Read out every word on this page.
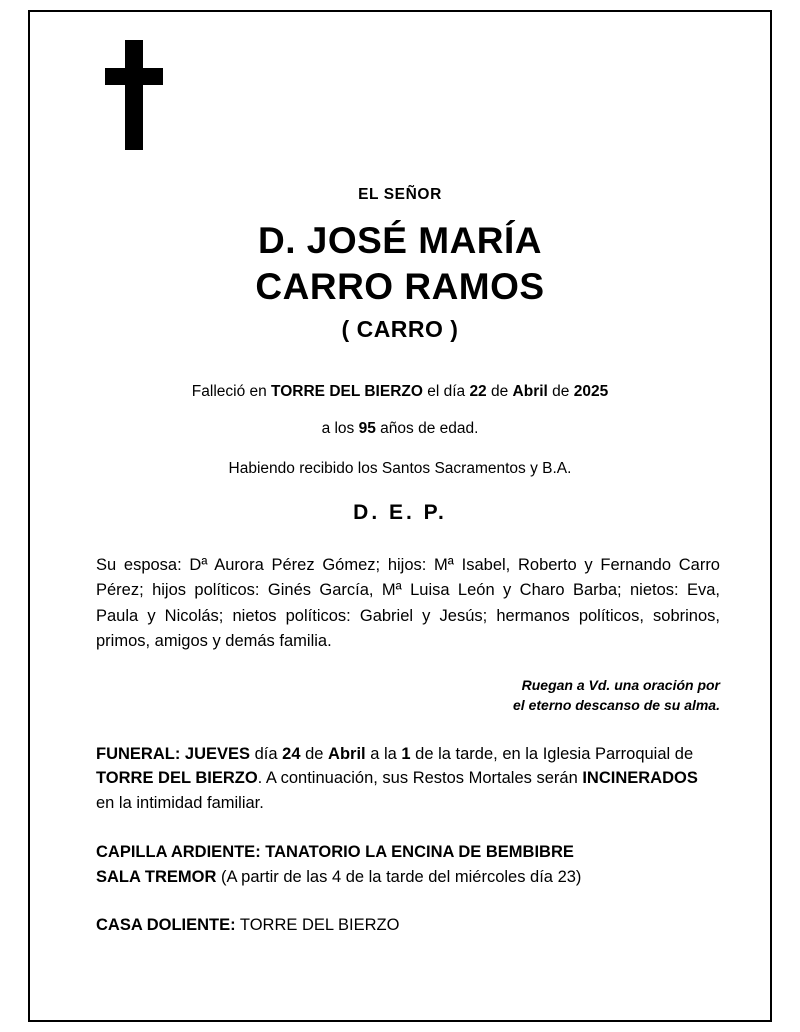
EL SEÑOR
D. JOSÉ MARÍA
CARRO RAMOS
( CARRO )
Falleció en TORRE DEL BIERZO el día 22 de Abril de 2025
a los 95 años de edad.
Habiendo recibido los Santos Sacramentos y B.A.
D. E. P.
Su esposa: Dª Aurora Pérez Gómez; hijos: Mª Isabel, Roberto y Fernando Carro Pérez; hijos políticos: Ginés García, Mª Luisa León y Charo Barba; nietos: Eva, Paula y Nicolás; nietos políticos: Gabriel y Jesús; hermanos políticos, sobrinos, primos, amigos y demás familia.
Ruegan a Vd. una oración por
el eterno descanso de su alma.
FUNERAL: JUEVES día 24 de Abril a la 1 de la tarde, en la Iglesia Parroquial de TORRE DEL BIERZO. A continuación, sus Restos Mortales serán INCINERADOS en la intimidad familiar.
CAPILLA ARDIENTE: TANATORIO LA ENCINA DE BEMBIBRE
SALA TREMOR (A partir de las 4 de la tarde del miércoles día 23)
CASA DOLIENTE: TORRE DEL BIERZO
